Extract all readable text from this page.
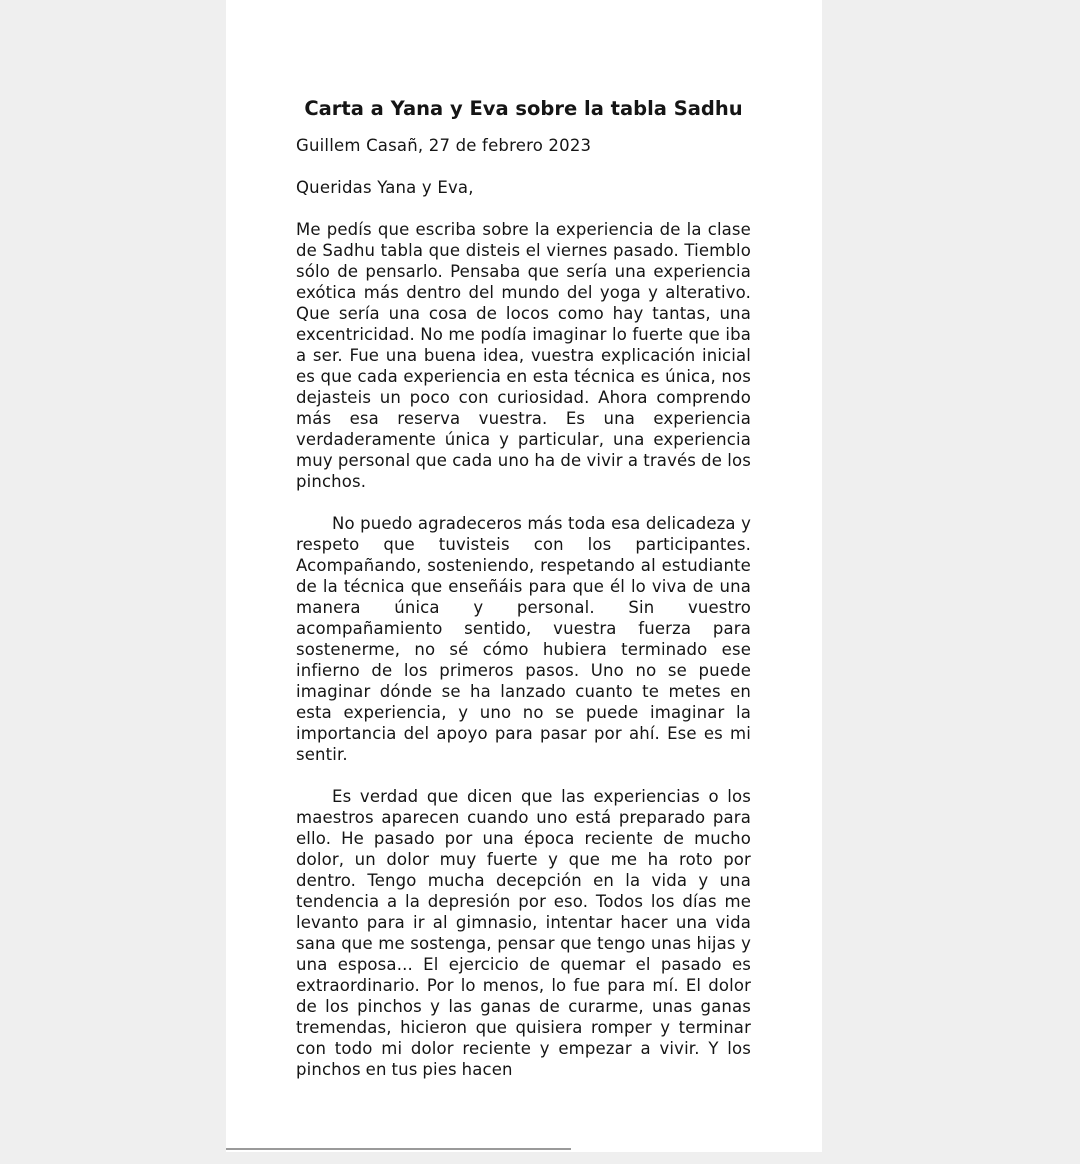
Carta a Yana y Eva sobre la tabla Sadhu
Guillem Casañ, 27 de febrero 2023
Queridas Yana y Eva,

Me pedís que escriba sobre la experiencia de la clase de Sadhu tabla que disteis el viernes pasado. Tiemblo sólo de pensarlo. Pensaba que sería una experiencia exótica más dentro del mundo del yoga y alterativo. Que sería una cosa de locos como hay tantas, una excentricidad. No me podía imaginar lo fuerte que iba a ser. Fue una buena idea, vuestra explicación inicial es que cada experiencia en esta técnica es única, nos dejasteis un poco con curiosidad. Ahora comprendo más esa reserva vuestra. Es una experiencia verdaderamente única y particular, una experiencia muy personal que cada uno ha de vivir a través de los pinchos.

No puedo agradeceros más toda esa delicadeza y respeto que tuvisteis con los participantes. Acompañando, sosteniendo, respetando al estudiante de la técnica que enseñáis para que él lo viva de una manera única y personal. Sin vuestro acompañamiento sentido, vuestra fuerza para sostenerme, no sé cómo hubiera terminado ese infierno de los primeros pasos. Uno no se puede imaginar dónde se ha lanzado cuanto te metes en esta experiencia, y uno no se puede imaginar la importancia del apoyo para pasar por ahí. Ese es mi sentir.

Es verdad que dicen que las experiencias o los maestros aparecen cuando uno está preparado para ello. He pasado por una época reciente de mucho dolor, un dolor muy fuerte y que me ha roto por dentro. Tengo mucha decepción en la vida y una tendencia a la depresión por eso. Todos los días me levanto para ir al gimnasio, intentar hacer una vida sana que me sostenga, pensar que tengo unas hijas y una esposa... El ejercicio de quemar el pasado es extraordinario. Por lo menos, lo fue para mí. El dolor de los pinchos y las ganas de curarme, unas ganas tremendas, hicieron que quisiera romper y terminar con todo mi dolor reciente y empezar a vivir. Y los pinchos en tus pies hacen
